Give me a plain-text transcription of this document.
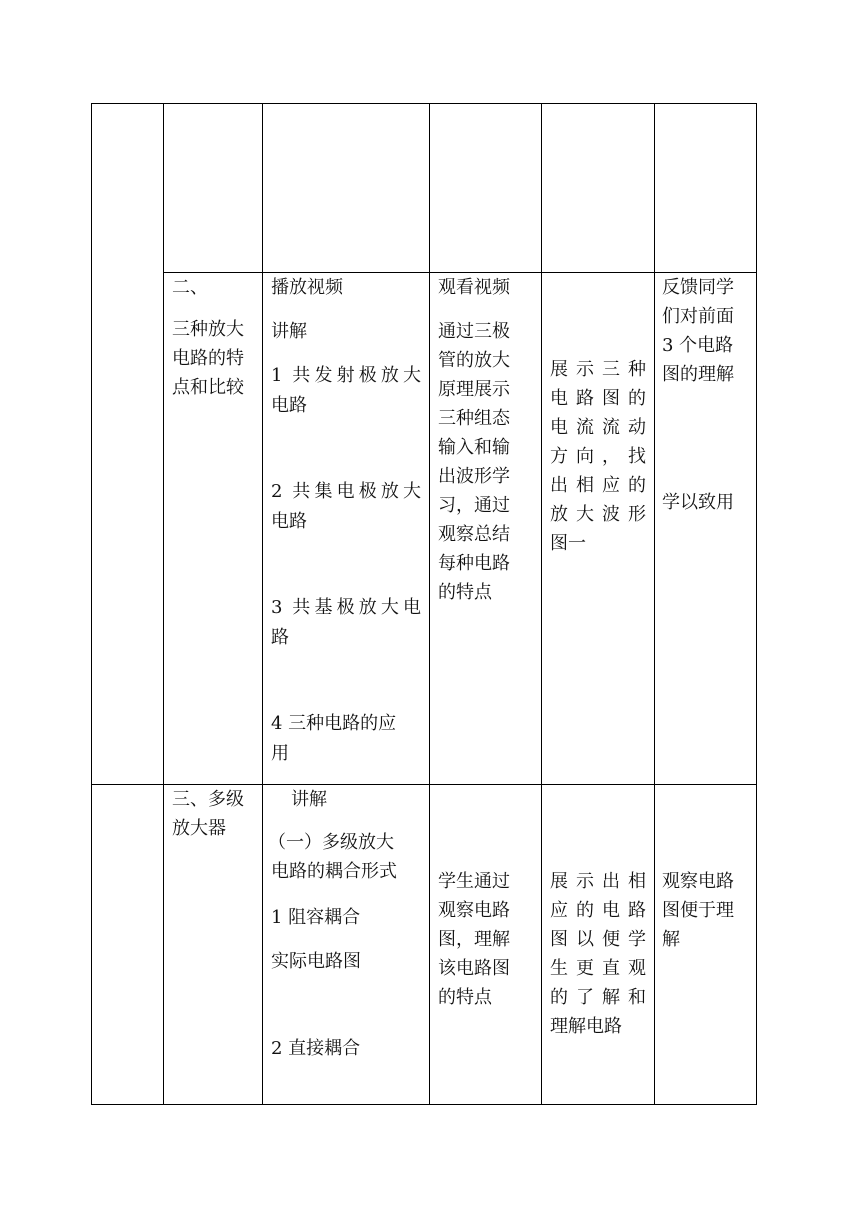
二、
三种放大
电路的特
点和比较
播放视频
讲解
1 共发射极放大
电路
2 共集电极放大
电路
3 共基极放大电
路
4 三种电路的应
用
观看视频
通过三极
管的放大
原理展示
三种组态
输入和输
出波形学
习，通过
观察总结
每种电路
的特点
展示三种
电路图的
电流流动
方向，找
出相应的
放大波形
图一
反馈同学
们对前面
3 个电路
图的理解
学以致用
三、多级
放大器
讲解
（一）多级放大
电路的耦合形式
1 阻容耦合
实际电路图
2 直接耦合
学生通过
观察电路
图，理解
该电路图
的特点
展示出相
应的电路
图以便学
生更直观
的了解和
理解电路
观察电路
图便于理
解
